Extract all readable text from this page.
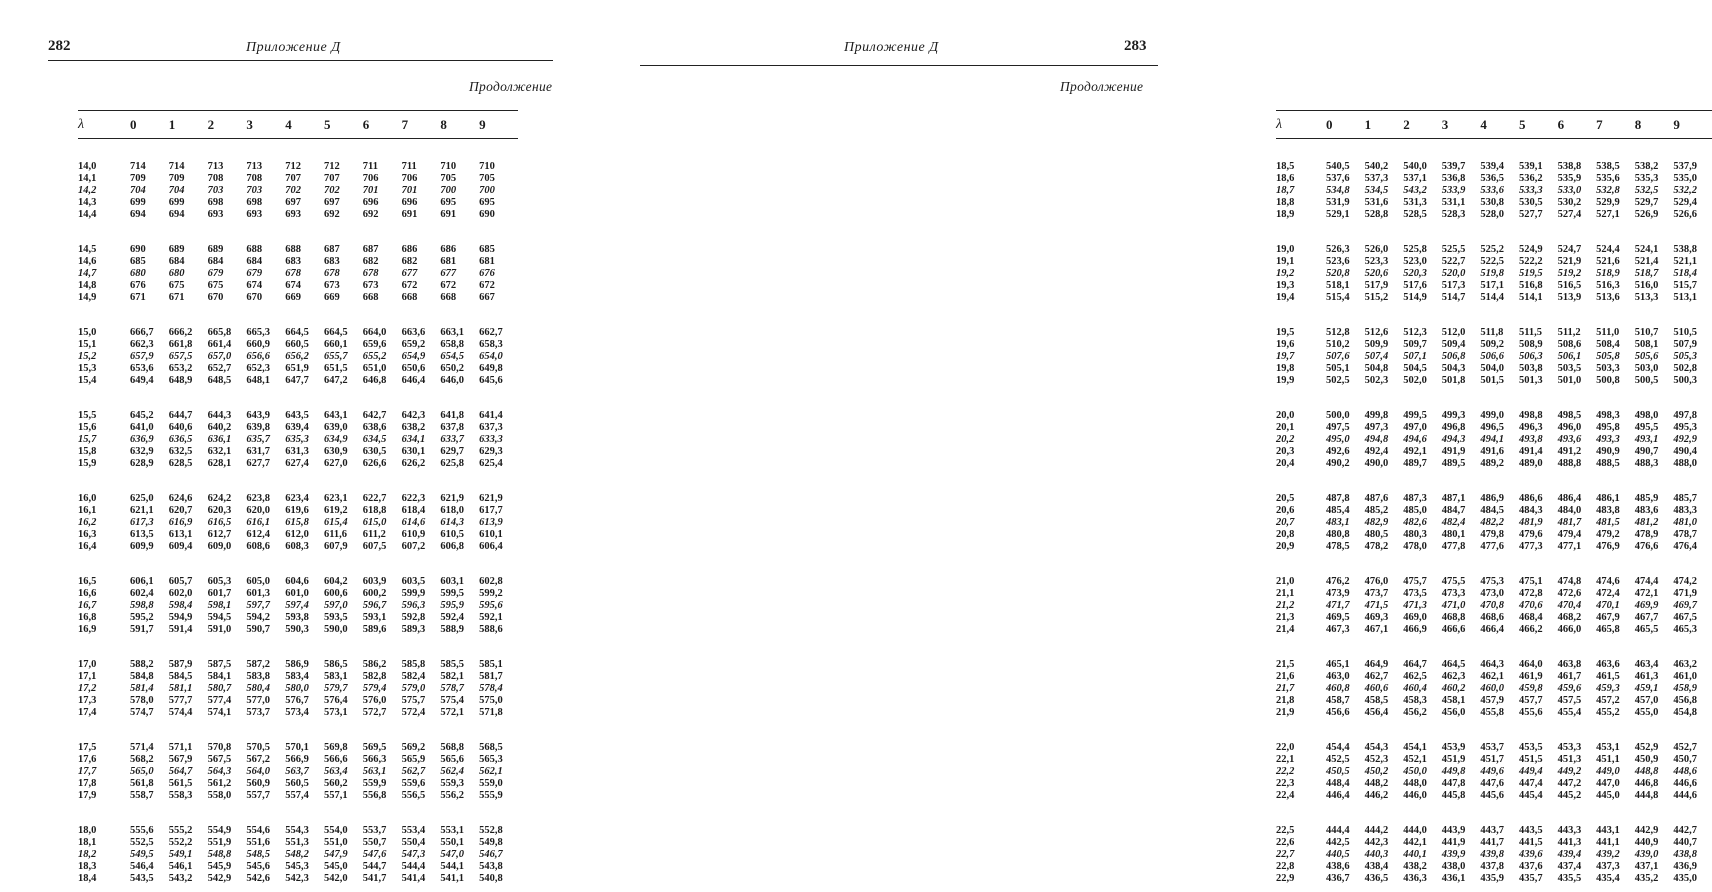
282	Приложение Д
Продолжение
λ	0	1	2	3	4	5	6	7	8	9

14,0	714	714	713	713	712	712	711	711	710	710
14,1	709	709	708	708	707	707	706	706	705	705
14,2	704	704	703	703	702	702	701	701	700	700
14,3	699	699	698	698	697	697	696	696	695	695
14,4	694	694	693	693	693	692	692	691	691	690

14,5	690	689	689	688	688	687	687	686	686	685
14,6	685	684	684	684	683	683	682	682	681	681
14,7	680	680	679	679	678	678	678	677	677	676
14,8	676	675	675	674	674	673	673	672	672	672
14,9	671	671	670	670	669	669	668	668	668	667

15,0	666,7	666,2	665,8	665,3	664,5	664,5	664,0	663,6	663,1	662,7
15,1	662,3	661,8	661,4	660,9	660,5	660,1	659,6	659,2	658,8	658,3
15,2	657,9	657,5	657,0	656,6	656,2	655,7	655,2	654,9	654,5	654,0
15,3	653,6	653,2	652,7	652,3	651,9	651,5	651,0	650,6	650,2	649,8
15,4	649,4	648,9	648,5	648,1	647,7	647,2	646,8	646,4	646,0	645,6

15,5	645,2	644,7	644,3	643,9	643,5	643,1	642,7	642,3	641,8	641,4
15,6	641,0	640,6	640,2	639,8	639,4	639,0	638,6	638,2	637,8	637,3
15,7	636,9	636,5	636,1	635,7	635,3	634,9	634,5	634,1	633,7	633,3
15,8	632,9	632,5	632,1	631,7	631,3	630,9	630,5	630,1	629,7	629,3
15,9	628,9	628,5	628,1	627,7	627,4	627,0	626,6	626,2	625,8	625,4

16,0	625,0	624,6	624,2	623,8	623,4	623,1	622,7	622,3	621,9	621,9
16,1	621,1	620,7	620,3	620,0	619,6	619,2	618,8	618,4	618,0	617,7
16,2	617,3	616,9	616,5	616,1	615,8	615,4	615,0	614,6	614,3	613,9
16,3	613,5	613,1	612,7	612,4	612,0	611,6	611,2	610,9	610,5	610,1
16,4	609,9	609,4	609,0	608,6	608,3	607,9	607,5	607,2	606,8	606,4

16,5	606,1	605,7	605,3	605,0	604,6	604,2	603,9	603,5	603,1	602,8
16,6	602,4	602,0	601,7	601,3	601,0	600,6	600,2	599,9	599,5	599,2
16,7	598,8	598,4	598,1	597,7	597,4	597,0	596,7	596,3	595,9	595,6
16,8	595,2	594,9	594,5	594,2	593,8	593,5	593,1	592,8	592,4	592,1
16,9	591,7	591,4	591,0	590,7	590,3	590,0	589,6	589,3	588,9	588,6

17,0	588,2	587,9	587,5	587,2	586,9	586,5	586,2	585,8	585,5	585,1
17,1	584,8	584,5	584,1	583,8	583,4	583,1	582,8	582,4	582,1	581,7
17,2	581,4	581,1	580,7	580,4	580,0	579,7	579,4	579,0	578,7	578,4
17,3	578,0	577,7	577,4	577,0	576,7	576,4	576,0	575,7	575,4	575,0
17,4	574,7	574,4	574,1	573,7	573,4	573,1	572,7	572,4	572,1	571,8

17,5	571,4	571,1	570,8	570,5	570,1	569,8	569,5	569,2	568,8	568,5
17,6	568,2	567,9	567,5	567,2	566,9	566,6	566,3	565,9	565,6	565,3
17,7	565,0	564,7	564,3	564,0	563,7	563,4	563,1	562,7	562,4	562,1
17,8	561,8	561,5	561,2	560,9	560,5	560,2	559,9	559,6	559,3	559,0
17,9	558,7	558,3	558,0	557,7	557,4	557,1	556,8	556,5	556,2	555,9

18,0	555,6	555,2	554,9	554,6	554,3	554,0	553,7	553,4	553,1	552,8
18,1	552,5	552,2	551,9	551,6	551,3	551,0	550,7	550,4	550,1	549,8
18,2	549,5	549,1	548,8	548,5	548,2	547,9	547,6	547,3	547,0	546,7
18,3	546,4	546,1	545,9	545,6	545,3	545,0	544,7	544,4	544,1	543,8
18,4	543,5	543,2	542,9	542,6	542,3	542,0	541,7	541,4	541,1	540,8
Приложение Д	283
Продолжение
λ	0	1	2	3	4	5	6	7	8	9

18,5	540,5	540,2	540,0	539,7	539,4	539,1	538,8	538,5	538,2	537,9
18,6	537,6	537,3	537,1	536,8	536,5	536,2	535,9	535,6	535,3	535,0
18,7	534,8	534,5	543,2	533,9	533,6	533,3	533,0	532,8	532,5	532,2
18,8	531,9	531,6	531,3	531,1	530,8	530,5	530,2	529,9	529,7	529,4
18,9	529,1	528,8	528,5	528,3	528,0	527,7	527,4	527,1	526,9	526,6

19,0	526,3	526,0	525,8	525,5	525,2	524,9	524,7	524,4	524,1	538,8
19,1	523,6	523,3	523,0	522,7	522,5	522,2	521,9	521,6	521,4	521,1
19,2	520,8	520,6	520,3	520,0	519,8	519,5	519,2	518,9	518,7	518,4
19,3	518,1	517,9	517,6	517,3	517,1	516,8	516,5	516,3	516,0	515,7
19,4	515,4	515,2	514,9	514,7	514,4	514,1	513,9	513,6	513,3	513,1

19,5	512,8	512,6	512,3	512,0	511,8	511,5	511,2	511,0	510,7	510,5
19,6	510,2	509,9	509,7	509,4	509,2	508,9	508,6	508,4	508,1	507,9
19,7	507,6	507,4	507,1	506,8	506,6	506,3	506,1	505,8	505,6	505,3
19,8	505,1	504,8	504,5	504,3	504,0	503,8	503,5	503,3	503,0	502,8
19,9	502,5	502,3	502,0	501,8	501,5	501,3	501,0	500,8	500,5	500,3

20,0	500,0	499,8	499,5	499,3	499,0	498,8	498,5	498,3	498,0	497,8
20,1	497,5	497,3	497,0	496,8	496,5	496,3	496,0	495,8	495,5	495,3
20,2	495,0	494,8	494,6	494,3	494,1	493,8	493,6	493,3	493,1	492,9
20,3	492,6	492,4	492,1	491,9	491,6	491,4	491,2	490,9	490,7	490,4
20,4	490,2	490,0	489,7	489,5	489,2	489,0	488,8	488,5	488,3	488,0

20,5	487,8	487,6	487,3	487,1	486,9	486,6	486,4	486,1	485,9	485,7
20,6	485,4	485,2	485,0	484,7	484,5	484,3	484,0	483,8	483,6	483,3
20,7	483,1	482,9	482,6	482,4	482,2	481,9	481,7	481,5	481,2	481,0
20,8	480,8	480,5	480,3	480,1	479,8	479,6	479,4	479,2	478,9	478,7
20,9	478,5	478,2	478,0	477,8	477,6	477,3	477,1	476,9	476,6	476,4

21,0	476,2	476,0	475,7	475,5	475,3	475,1	474,8	474,6	474,4	474,2
21,1	473,9	473,7	473,5	473,3	473,0	472,8	472,6	472,4	472,1	471,9
21,2	471,7	471,5	471,3	471,0	470,8	470,6	470,4	470,1	469,9	469,7
21,3	469,5	469,3	469,0	468,8	468,6	468,4	468,2	467,9	467,7	467,5
21,4	467,3	467,1	466,9	466,6	466,4	466,2	466,0	465,8	465,5	465,3

21,5	465,1	464,9	464,7	464,5	464,3	464,0	463,8	463,6	463,4	463,2
21,6	463,0	462,7	462,5	462,3	462,1	461,9	461,7	461,5	461,3	461,0
21,7	460,8	460,6	460,4	460,2	460,0	459,8	459,6	459,3	459,1	458,9
21,8	458,7	458,5	458,3	458,1	457,9	457,7	457,5	457,2	457,0	456,8
21,9	456,6	456,4	456,2	456,0	455,8	455,6	455,4	455,2	455,0	454,8

22,0	454,4	454,3	454,1	453,9	453,7	453,5	453,3	453,1	452,9	452,7
22,1	452,5	452,3	452,1	451,9	451,7	451,5	451,3	451,1	450,9	450,7
22,2	450,5	450,2	450,0	449,8	449,6	449,4	449,2	449,0	448,8	448,6
22,3	448,4	448,2	448,0	447,8	447,6	447,4	447,2	447,0	446,8	446,6
22,4	446,4	446,2	446,0	445,8	445,6	445,4	445,2	445,0	444,8	444,6

22,5	444,4	444,2	444,0	443,9	443,7	443,5	443,3	443,1	442,9	442,7
22,6	442,5	442,3	442,1	441,9	441,7	441,5	441,3	441,1	440,9	440,7
22,7	440,5	440,3	440,1	439,9	439,8	439,6	439,4	439,2	439,0	438,8
22,8	438,6	438,4	438,2	438,0	437,8	437,6	437,4	437,3	437,1	436,9
22,9	436,7	436,5	436,3	436,1	435,9	435,7	435,5	435,4	435,2	435,0
